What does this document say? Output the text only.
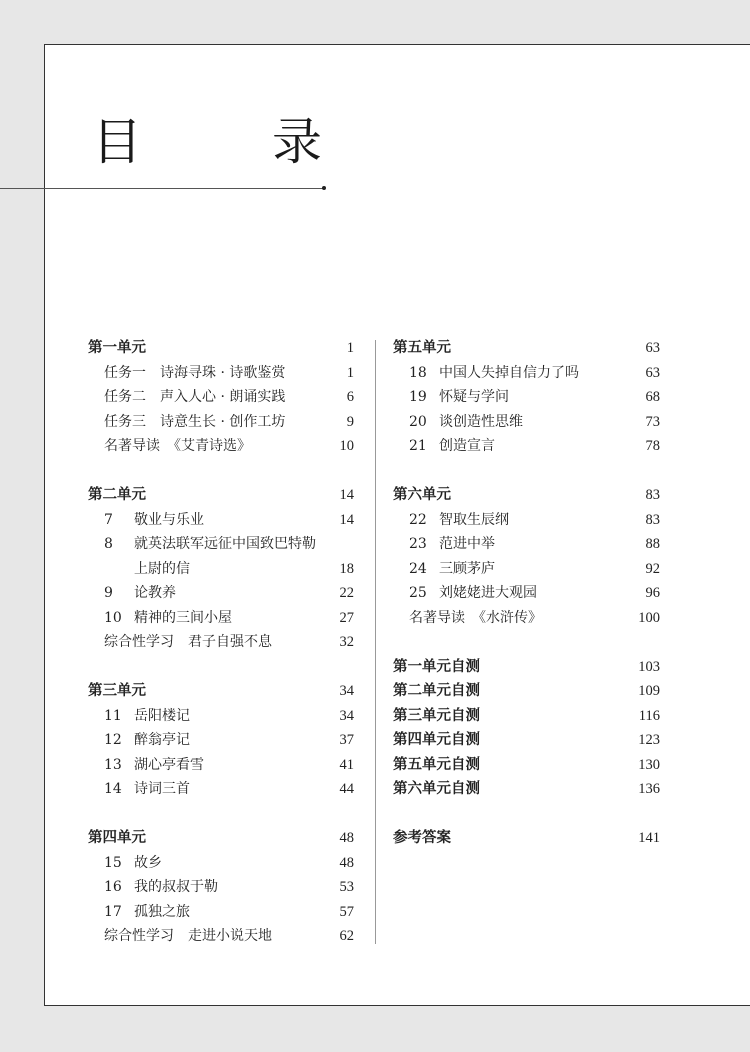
目　录
第一单元	1
任务一　诗海寻珠 · 诗歌鉴赏	1
任务二　声入人心 · 朗诵实践	6
任务三　诗意生长 · 创作工坊	9
名著导读　《艾青诗选》	10
第二单元	14
7	敬业与乐业	14
8	就英法联军远征中国致巴特勒
上尉的信	18
9	论教养	22
10 精神的三间小屋	27
综合性学习　君子自强不息	32
第三单元	34
11 岳阳楼记	34
12 醉翁亭记	37
13 湖心亭看雪	41
14 诗词三首	44
第四单元	48
15 故乡	48
16 我的叔叔于勒	53
17 孤独之旅	57
综合性学习　走进小说天地	62
第五单元	63
18 中国人失掉自信力了吗	63
19 怀疑与学问	68
20 谈创造性思维	73
21 创造宣言	78
第六单元	83
22 智取生辰纲	83
23 范进中举	88
24 三顾茅庐	92
25 刘姥姥进大观园	96
名著导读　《水浒传》	100
第一单元自测	103
第二单元自测	109
第三单元自测	116
第四单元自测	123
第五单元自测	130
第六单元自测	136
参考答案	141
